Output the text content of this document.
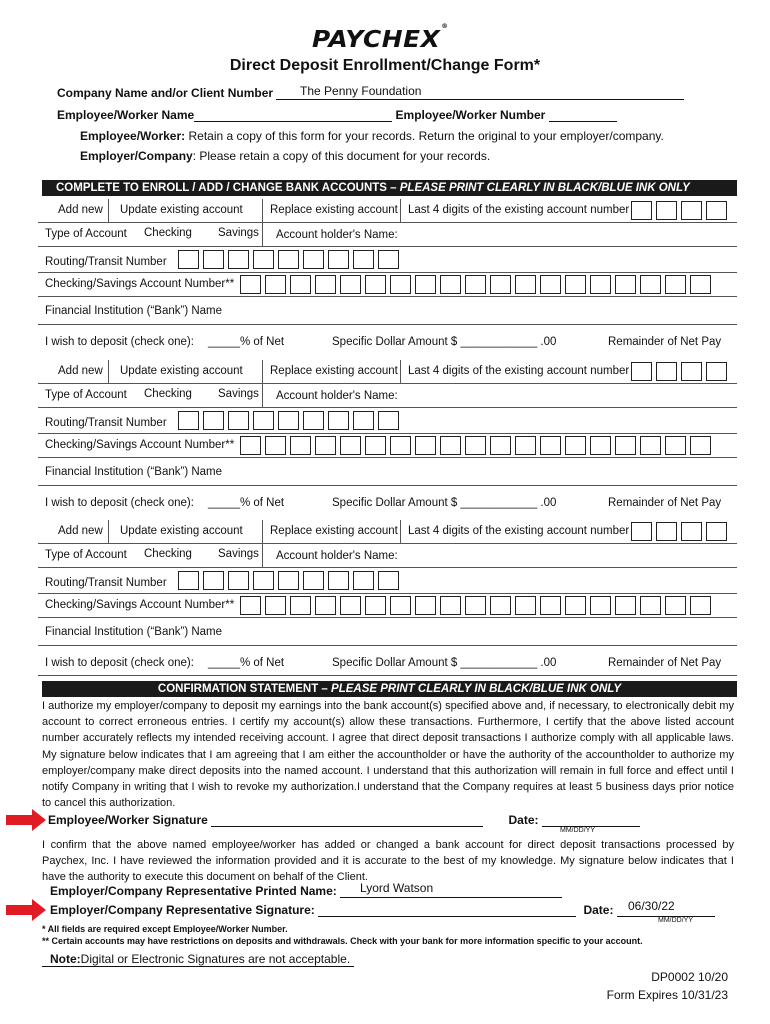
PAYCHEX®
Direct Deposit Enrollment/Change Form*
Company Name and/or Client Number	The Penny Foundation
Employee/Worker Name	Employee/Worker Number
Employee/Worker: Retain a copy of this form for your records. Return the original to your employer/company.
Employer/Company: Please retain a copy of this document for your records.
COMPLETE TO ENROLL / ADD / CHANGE BANK ACCOUNTS – PLEASE PRINT CLEARLY IN BLACK/BLUE INK ONLY
Add new Update existing account Replace existing account Last 4 digits of the existing account number
Type of Account Checking Savings Account holder's Name:
Routing/Transit Number
Checking/Savings Account Number**
Financial Institution (“Bank”) Name
I wish to deposit (check one): _____% of Net	Specific Dollar Amount $ ____________ .00	Remainder of Net Pay
Add new Update existing account Replace existing account Last 4 digits of the existing account number
Type of Account Checking Savings Account holder's Name:
Routing/Transit Number
Checking/Savings Account Number**
Financial Institution (“Bank”) Name
I wish to deposit (check one): _____% of Net	Specific Dollar Amount $ ____________ .00	Remainder of Net Pay
Add new Update existing account Replace existing account Last 4 digits of the existing account number
Type of Account Checking Savings Account holder's Name:
Routing/Transit Number
Checking/Savings Account Number**
Financial Institution (“Bank”) Name
I wish to deposit (check one): _____% of Net	Specific Dollar Amount $ ____________ .00	Remainder of Net Pay
CONFIRMATION STATEMENT – PLEASE PRINT CLEARLY IN BLACK/BLUE INK ONLY
I authorize my employer/company to deposit my earnings into the bank account(s) specified above and, if necessary, to electronically debit my account to correct erroneous entries. I certify my account(s) allow these transactions. Furthermore, I certify that the above listed account number accurately reflects my intended receiving account. I agree that direct deposit transactions I authorize comply with all applicable laws. My signature below indicates that I am agreeing that I am either the accountholder or have the authority of the accountholder to authorize my employer/company make direct deposits into the named account. I understand that this authorization will remain in full force and effect until I notify Company in writing that I wish to revoke my authorization.I understand that the Company requires at least 5 business days prior notice to cancel this authorization.
Employee/Worker Signature	Date:
MM/DD/YY
I confirm that the above named employee/worker has added or changed a bank account for direct deposit transactions processed by Paychex, Inc. I have reviewed the information provided and it is accurate to the best of my knowledge. My signature below indicates that I have the authority to execute this document on behalf of the Client.
Employer/Company Representative Printed Name:	Lyord Watson
Employer/Company Representative Signature:	Date:	06/30/22
MM/DD/YY
* All fields are required except Employee/Worker Number.
** Certain accounts may have restrictions on deposits and withdrawals. Check with your bank for more information specific to your account.
Note:Digital or Electronic Signatures are not acceptable.
DP0002 10/20
Form Expires 10/31/23
